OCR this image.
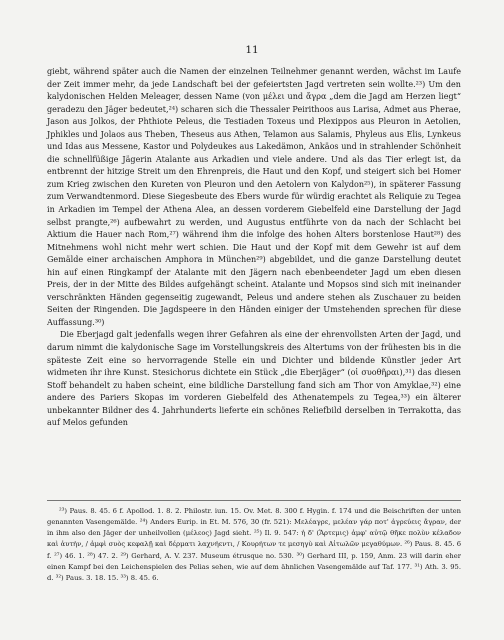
11

giebt, während später auch die Namen der einzelnen Teilnehmer genannt werden, wächst im Laufe der Zeit immer mehr, da jede Landschaft bei der gefeiertsten Jagd vertreten sein wollte.²³) Um den kalydonischen Helden Meleager, dessen Name (von μέλει und ἄγρα „dem die Jagd am Herzen liegt“ geradezu den Jäger bedeutet,²⁴) scharen sich die Thessaler Peirithoos aus Larisa, Admet aus Pherae, Jason aus Jolkos, der Phthiote Peleus, die Testiaden Toxeus und Plexippos aus Pleuron in Aetolien, Jphikles und Jolaos aus Theben, Theseus aus Athen, Telamon aus Salamis, Phyleus aus Elis, Lynkeus und Idas aus Messene, Kastor und Polydeukes aus Lakedämon, Ankäos und in strahlender Schönheit die schnellfüßige Jägerin Atalante aus Arkadien und viele andere. Und als das Tier erlegt ist, da entbrennt der hitzige Streit um den Ehrenpreis, die Haut und den Kopf, und steigert sich bei Homer zum Krieg zwischen den Kureten von Pleuron und den Aetolern von Kalydon²⁵), in späterer Fassung zum Verwandtenmord. Diese Siegesbeute des Ebers wurde für würdig erachtet als Reliquie zu Tegea in Arkadien im Tempel der Athena Alea, an dessen vorderem Giebelfeld eine Darstellung der Jagd selbst prangte,²⁶) aufbewahrt zu werden, und Augustus entführte von da nach der Schlacht bei Aktium die Hauer nach Rom,²⁷) während ihm die infolge des hohen Alters borstenlose Haut²⁸) des Mitnehmens wohl nicht mehr wert schien. Die Haut und der Kopf mit dem Gewehr ist auf dem Gemälde einer archaischen Amphora in München²⁹) abgebildet, und die ganze Darstellung deutet hin auf einen Ringkampf der Atalante mit den Jägern nach ebenbeendeter Jagd um eben diesen Preis, der in der Mitte des Bildes aufgehängt scheint. Atalante und Mopsos sind sich mit ineinander verschränkten Händen gegenseitig zugewandt, Peleus und andere stehen als Zuschauer zu beiden Seiten der Ringenden. Die Jagdspeere in den Händen einiger der Umstehenden sprechen für diese Auffassung.³⁰)

Die Eberjagd galt jedenfalls wegen ihrer Gefahren als eine der ehrenvollsten Arten der Jagd, und darum nimmt die kalydonische Sage im Vorstellungskreis des Altertums von der frühesten bis in die späteste Zeit eine so hervorragende Stelle ein und Dichter und bildende Künstler jeder Art widmeten ihr ihre Kunst. Stesichorus dichtete ein Stück „die Eberjäger“ (οἱ συοθῆραι),³¹) das diesen Stoff behandelt zu haben scheint, eine bildliche Darstellung fand sich am Thor von Amyklae,³²) eine andere des Pariers Skopas im vorderen Giebelfeld des Athenatempels zu Tegea,³³) ein älterer unbekannter Bildner des 4. Jahrhunderts lieferte ein schönes Reliefbild derselben in Terrakotta, das auf Melos gefunden

²³) Paus. 8. 45. 6 f. Apollod. 1. 8. 2. Philostr. iun. 15. Ov. Met. 8. 300 f. Hygin. f. 174 und die Beischriften der unten genannten Vasengemälde. ²⁴) Anders Eurip. in Et. M. 576, 30 (fr. 521): Μελέαγρε, μελέαν γάρ ποτ' ἀγρεύεις ἄγραν, der in ihm also den Jäger der unheilvollen (μέλεος) Jagd sieht. ²⁵) Il. 9. 547: ἡ δ' (Ἄρτεμις) ἀμφ' αὐτῷ θῆκε πολὺν κέλαδον καὶ ἀυτήν, / ἀμφὶ συὸς κεφαλῇ καὶ δέρματι λαχνήεντι, / Κουρήτων τε μεσηγὺ καὶ Αἰτωλῶν μεγαθύμων. ²⁶) Paus. 8. 45. 6 f. ²⁷) 46. 1. ²⁸) 47. 2. ²⁹) Gerhard, A. V. 237. Museum étrusque no. 530. ³⁰) Gerhard III, p. 159, Anm. 23 will darin eher einen Kampf bei den Leichenspielen des Pelias sehen, wie auf dem ähnlichen Vasengemälde auf Taf. 177. ³¹) Ath. 3. 95. d. ³²) Paus. 3. 18. 15. ³³) 8. 45. 6.
